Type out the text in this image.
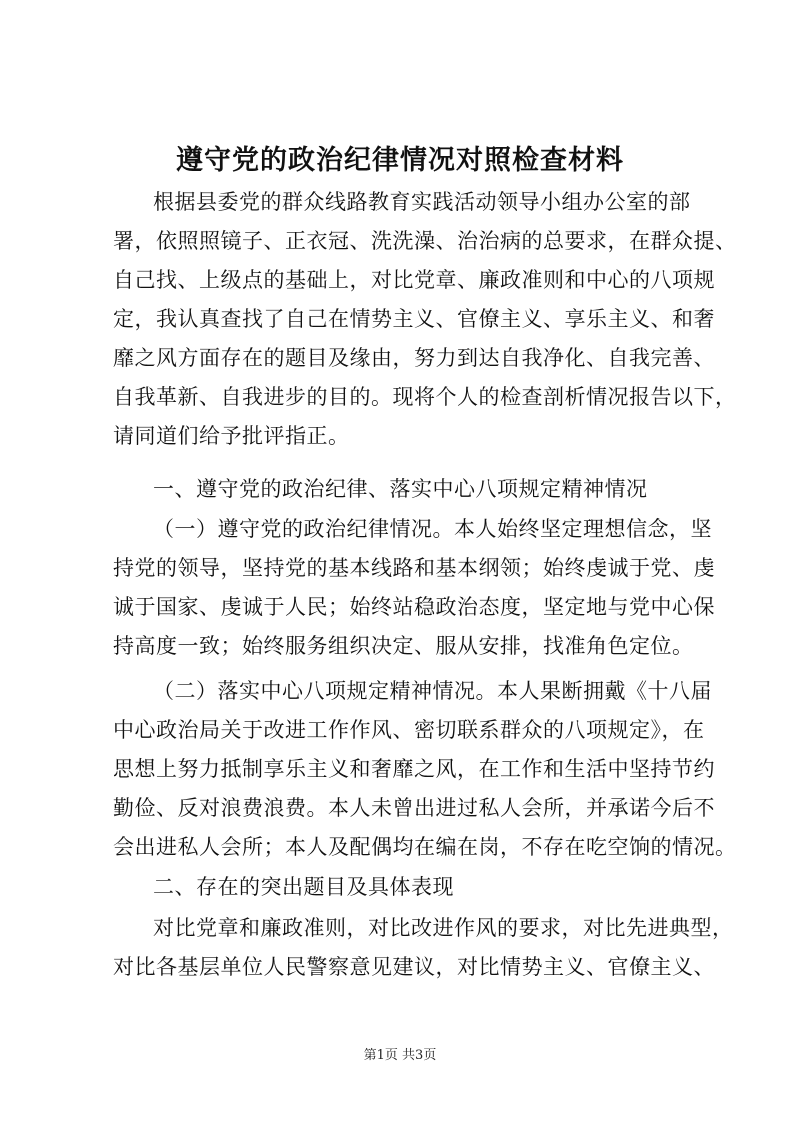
遵守党的政治纪律情况对照检查材料
根据县委党的群众线路教育实践活动领导小组办公室的部
署，依照照镜子、正衣冠、洗洗澡、治治病的总要求，在群众提、
自己找、上级点的基础上，对比党章、廉政准则和中心的八项规
定，我认真查找了自己在情势主义、官僚主义、享乐主义、和奢
靡之风方面存在的题目及缘由，努力到达自我净化、自我完善、
自我革新、自我进步的目的。现将个人的检查剖析情况报告以下，
请同道们给予批评指正。
一、遵守党的政治纪律、落实中心八项规定精神情况
（一）遵守党的政治纪律情况。本人始终坚定理想信念，坚
持党的领导，坚持党的基本线路和基本纲领；始终虔诚于党、虔
诚于国家、虔诚于人民；始终站稳政治态度，坚定地与党中心保
持高度一致；始终服务组织决定、服从安排，找准角色定位。
（二）落实中心八项规定精神情况。本人果断拥戴《十八届
中心政治局关于改进工作作风、密切联系群众的八项规定》，在
思想上努力抵制享乐主义和奢靡之风，在工作和生活中坚持节约
勤俭、反对浪费浪费。本人未曾出进过私人会所，并承诺今后不
会出进私人会所；本人及配偶均在编在岗，不存在吃空饷的情况。
二、存在的突出题目及具体表现
对比党章和廉政准则，对比改进作风的要求，对比先进典型，
对比各基层单位人民警察意见建议，对比情势主义、官僚主义、
第1页 共3页
